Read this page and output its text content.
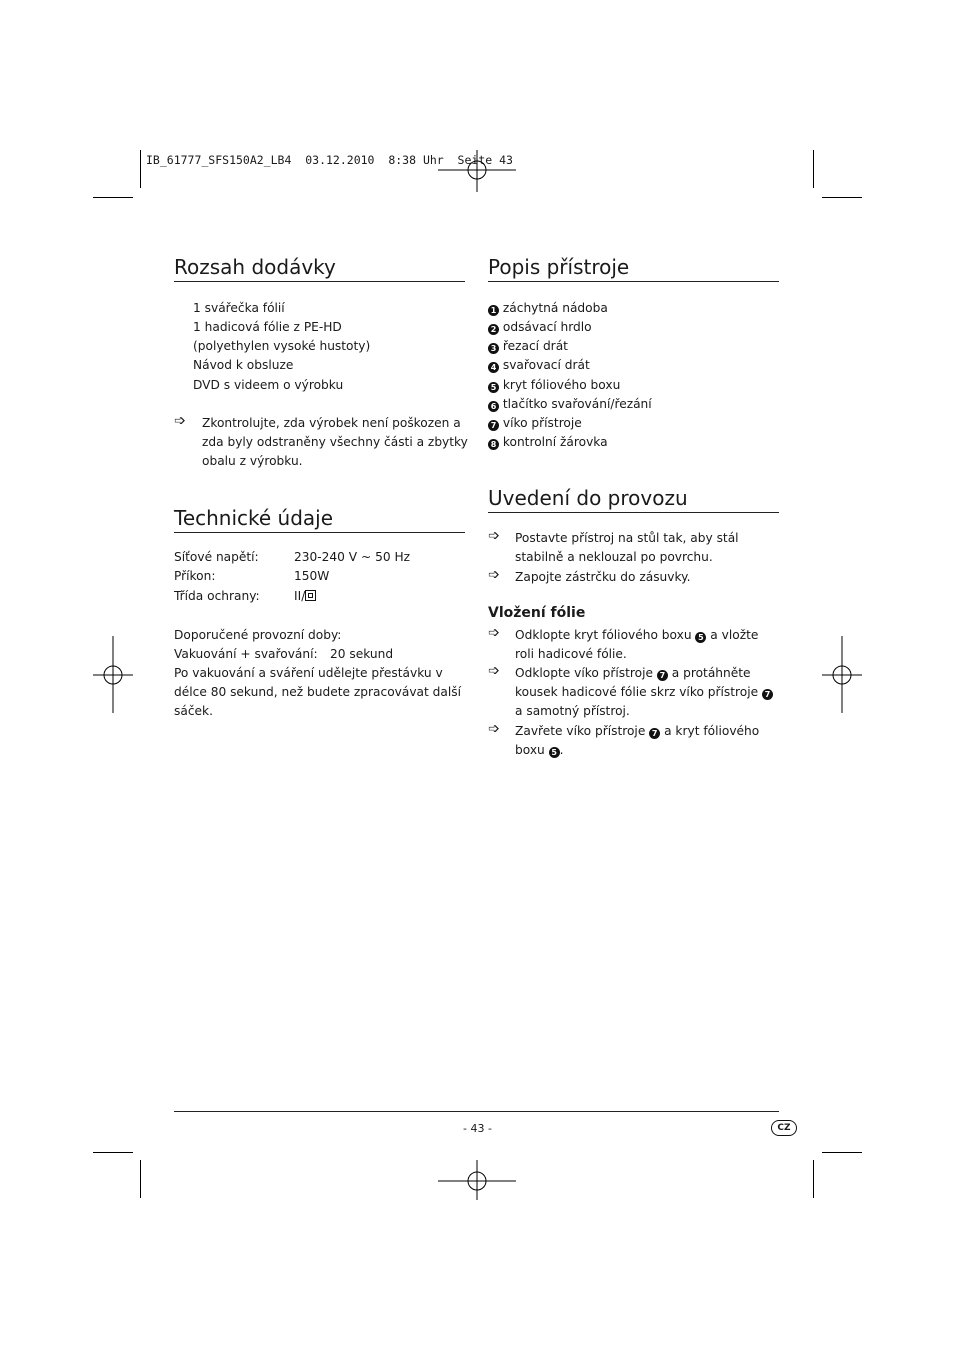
IB_61777_SFS150A2_LB4  03.12.2010  8:38 Uhr  Seite 43
Rozsah dodávky
1 svářečka fólií
1 hadicová fólie z PE-HD
(polyethylen vysoké hustoty)
Návod k obsluze
DVD s videem o výrobku
➩ Zkontrolujte, zda výrobek není poškozen a zda byly odstraněny všechny části a zbytky obalu z výrobku.
Technické údaje
Síťové napětí:	230-240 V ~ 50 Hz
Příkon:	150W
Třída ochrany:	II/
Doporučené provozní doby:
Vakuování + svařování: 20 sekund
Po vakuování a sváření udělejte přestávku v délce 80 sekund, než budete zpracovávat další sáček.
Popis přístroje
1 záchytná nádoba
2 odsávací hrdlo
3 řezací drát
4 svařovací drát
5 kryt fóliového boxu
6 tlačítko svařování/řezání
7 víko přístroje
8 kontrolní žárovka
Uvedení do provozu
➩ Postavte přístroj na stůl tak, aby stál stabilně a neklouzal po povrchu.
➩ Zapojte zástrčku do zásuvky.
Vložení fólie
➩ Odklopte kryt fóliového boxu 5 a vložte roli hadicové fólie.
➩ Odklopte víko přístroje 7 a protáhněte kousek hadicové fólie skrz víko přístroje 7 a samotný přístroj.
➩ Zavřete víko přístroje 7 a kryt fóliového boxu 5 .
- 43 -	CZ
